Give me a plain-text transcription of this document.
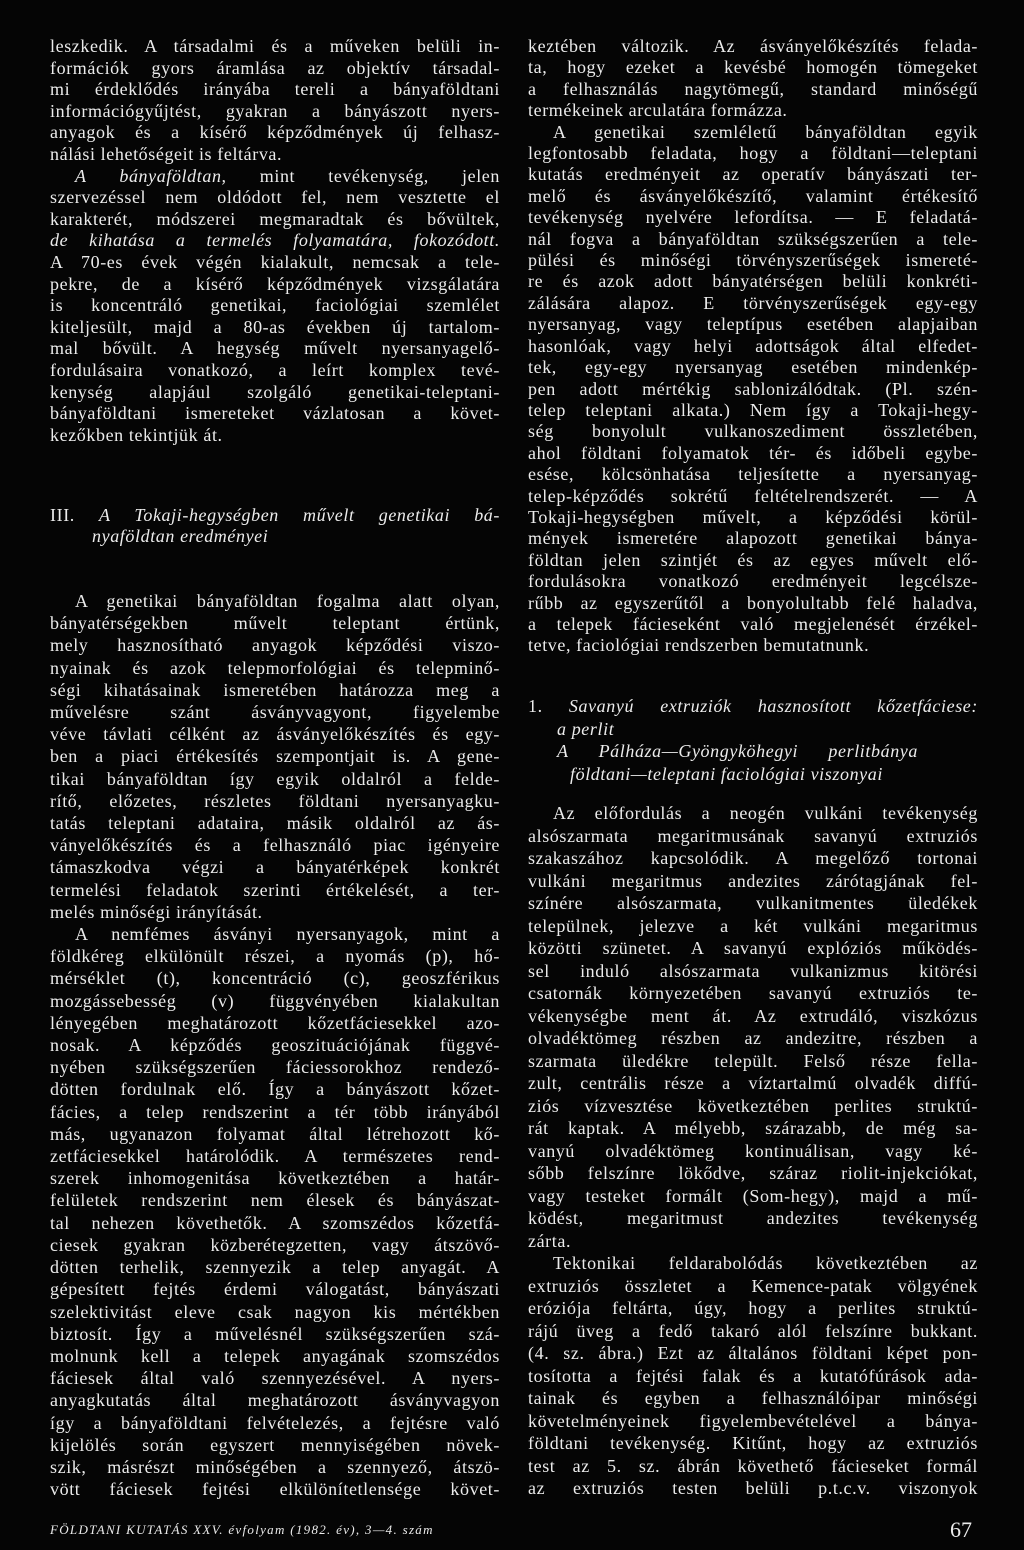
leszkedik. A társadalmi és a műveken belüli in-
formációk gyors áramlása az objektív társadal-
mi érdeklődés irányába tereli a bányaföldtani
információgyűjtést, gyakran a bányászott nyers-
anyagok és a kísérő képződmények új felhasz-
nálási lehetőségeit is feltárva.
A bányaföldtan, mint tevékenység, jelen
szervezéssel nem oldódott fel, nem vesztette el
karakterét, módszerei megmaradtak és bővültek,
de kihatása a termelés folyamatára, fokozódott.
A 70-es évek végén kialakult, nemcsak a tele-
pekre, de a kísérő képződmények vizsgálatára
is koncentráló genetikai, faciológiai szemlélet
kiteljesült, majd a 80-as években új tartalom-
mal bővült. A hegység művelt nyersanyagelő-
fordulásaira vonatkozó, a leírt komplex tevé-
kenység alapjául szolgáló genetikai-teleptani-
bányaföldtani ismereteket vázlatosan a követ-
kezőkben tekintjük át.
III. A Tokaji-hegységben művelt genetikai bá-
nyaföldtan eredményei
A genetikai bányaföldtan fogalma alatt olyan,
bányatérségekben művelt teleptant értünk,
mely hasznosítható anyagok képződési viszo-
nyainak és azok telepmorfológiai és telepminő-
ségi kihatásainak ismeretében határozza meg a
művelésre szánt ásványvagyont, figyelembe
véve távlati célként az ásványelőkészítés és egy-
ben a piaci értékesítés szempontjait is. A gene-
tikai bányaföldtan így egyik oldalról a felde-
rítő, előzetes, részletes földtani nyersanyagku-
tatás teleptani adataira, másik oldalról az ás-
ványelőkészítés és a felhasználó piac igényeire
támaszkodva végzi a bányatérképek konkrét
termelési feladatok szerinti értékelését, a ter-
melés minőségi irányítását.
A nemfémes ásványi nyersanyagok, mint a
földkéreg elkülönült részei, a nyomás (p), hő-
mérséklet (t), koncentráció (c), geoszférikus
mozgássebesség (v) függvényében kialakultan
lényegében meghatározott kőzetfáciesekkel azo-
nosak. A képződés geoszituációjának függvé-
nyében szükségszerűen fáciessorokhoz rendező-
dötten fordulnak elő. Így a bányászott kőzet-
fácies, a telep rendszerint a tér több irányából
más, ugyanazon folyamat által létrehozott kő-
zetfáciesekkel határolódik. A természetes rend-
szerek inhomogenitása következtében a határ-
felületek rendszerint nem élesek és bányászat-
tal nehezen követhetők. A szomszédos kőzetfá-
ciesek gyakran közberétegzetten, vagy átszövő-
dötten terhelik, szennyezik a telep anyagát. A
gépesített fejtés érdemi válogatást, bányászati
szelektivitást eleve csak nagyon kis mértékben
biztosít. Így a művelésnél szükségszerűen szá-
molnunk kell a telepek anyagának szomszédos
fáciesek által való szennyezésével. A nyers-
anyagkutatás által meghatározott ásványvagyon
így a bányaföldtani felvételezés, a fejtésre való
kijelölés során egyszert mennyiségében növek-
szik, másrészt minőségében a szennyező, átszö-
vött fáciesek fejtési elkülönítetlensége követ-
keztében változik. Az ásványelőkészítés felada-
ta, hogy ezeket a kevésbé homogén tömegeket
a felhasználás nagytömegű, standard minőségű
termékeinek arculatára formázza.
A genetikai szemléletű bányaföldtan egyik
legfontosabb feladata, hogy a földtani—teleptani
kutatás eredményeit az operatív bányászati ter-
melő és ásványelőkészítő, valamint értékesítő
tevékenység nyelvére lefordítsa. — E feladatá-
nál fogva a bányaföldtan szükségszerűen a tele-
pülési és minőségi törvényszerűségek ismereté-
re és azok adott bányatérségen belüli konkréti-
zálására alapoz. E törvényszerűségek egy-egy
nyersanyag, vagy teleptípus esetében alapjaiban
hasonlóak, vagy helyi adottságok által elfedet-
tek, egy-egy nyersanyag esetében mindenkép-
pen adott mértékig sablonizálódtak. (Pl. szén-
telep teleptani alkata.) Nem így a Tokaji-hegy-
ség bonyolult vulkanoszediment összletében,
ahol földtani folyamatok tér- és időbeli egybe-
esése, kölcsönhatása teljesítette a nyersanyag-
telep-képződés sokrétű feltételrendszerét. — A
Tokaji-hegységben művelt, a képződési körül-
mények ismeretére alapozott genetikai bánya-
földtan jelen szintjét és az egyes művelt elő-
fordulásokra vonatkozó eredményeit legcélsze-
rűbb az egyszerűtől a bonyolultabb felé haladva,
a telepek fácieseként való megjelenését érzékel-
tetve, faciológiai rendszerben bemutatnunk.
1. Savanyú extruziók hasznosított kőzetfáciese:
a perlit
A Pálháza—Gyöngyköhegyi perlitbánya
földtani—teleptani faciológiai viszonyai
Az előfordulás a neogén vulkáni tevékenység
alsószarmata megaritmusának savanyú extruziós
szakaszához kapcsolódik. A megelőző tortonai
vulkáni megaritmus andezites zárótagjának fel-
színére alsószarmata, vulkanitmentes üledékek
települnek, jelezve a két vulkáni megaritmus
közötti szünetet. A savanyú explóziós működés-
sel induló alsószarmata vulkanizmus kitörési
csatornák környezetében savanyú extruziós te-
vékenységbe ment át. Az extrudáló, viszkózus
olvadéktömeg részben az andezitre, részben a
szarmata üledékre települt. Felső része fella-
zult, centrális része a víztartalmú olvadék diffú-
ziós vízvesztése következtében perlites struktú-
rát kaptak. A mélyebb, szárazabb, de még sa-
vanyú olvadéktömeg kontinuálisan, vagy ké-
sőbb felszínre lökődve, száraz riolit-injekciókat,
vagy testeket formált (Som-hegy), majd a mű-
ködést, megaritmust andezites tevékenység
zárta.
Tektonikai feldarabolódás következtében az
extruziós összletet a Kemence-patak völgyének
eróziója feltárta, úgy, hogy a perlites struktú-
rájú üveg a fedő takaró alól felszínre bukkant.
(4. sz. ábra.) Ezt az általános földtani képet pon-
tosította a fejtési falak és a kutatófúrások ada-
tainak és egyben a felhasználóipar minőségi
követelményeinek figyelembevételével a bánya-
földtani tevékenység. Kitűnt, hogy az extruziós
test az 5. sz. ábrán követhető fácieseket formál
az extruziós testen belüli p.t.c.v. viszonyok
FÖLDTANI KUTATÁS XXV. évfolyam (1982. év), 3—4. szám	67
